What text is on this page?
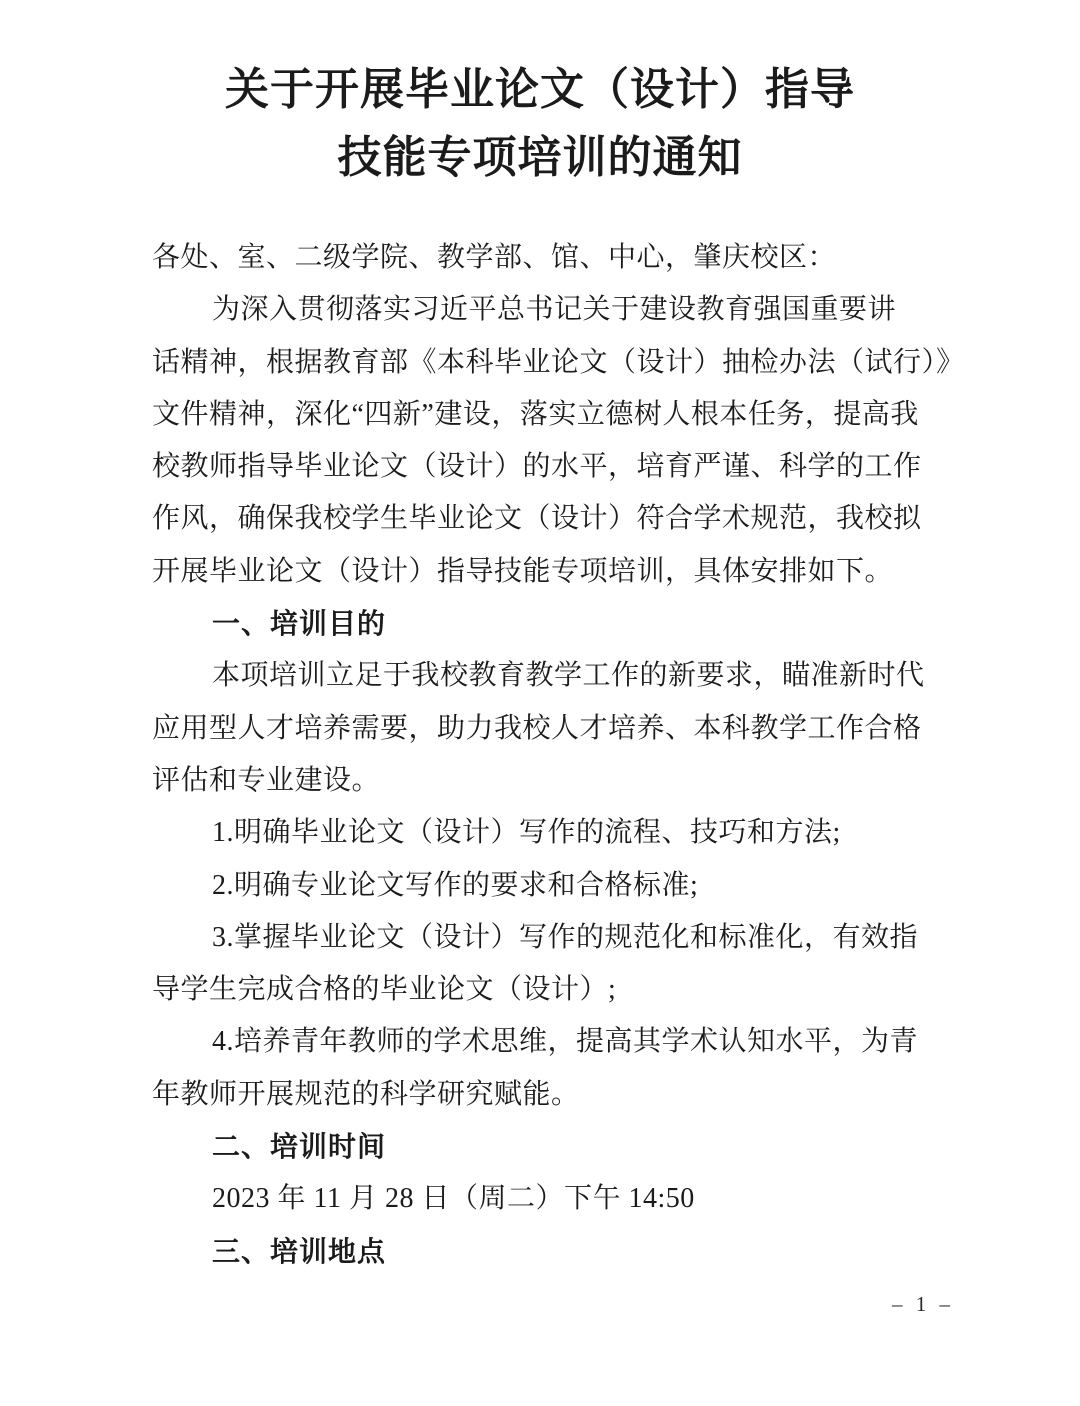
关于开展毕业论文（设计）指导
技能专项培训的通知
各处、室、二级学院、教学部、馆、中心，肇庆校区：
为深入贯彻落实习近平总书记关于建设教育强国重要讲
话精神，根据教育部《本科毕业论文（设计）抽检办法（试行）》
文件精神，深化“四新”建设，落实立德树人根本任务，提高我
校教师指导毕业论文（设计）的水平，培育严谨、科学的工作
作风，确保我校学生毕业论文（设计）符合学术规范，我校拟
开展毕业论文（设计）指导技能专项培训，具体安排如下。
一、培训目的
本项培训立足于我校教育教学工作的新要求，瞄准新时代
应用型人才培养需要，助力我校人才培养、本科教学工作合格
评估和专业建设。
1.明确毕业论文（设计）写作的流程、技巧和方法;
2.明确专业论文写作的要求和合格标准;
3.掌握毕业论文（设计）写作的规范化和标准化，有效指
导学生完成合格的毕业论文（设计）;
4.培养青年教师的学术思维，提高其学术认知水平，为青
年教师开展规范的科学研究赋能。
二、培训时间
2023 年 11 月 28 日（周二）下午 14:50
三、培训地点
– 1 –
